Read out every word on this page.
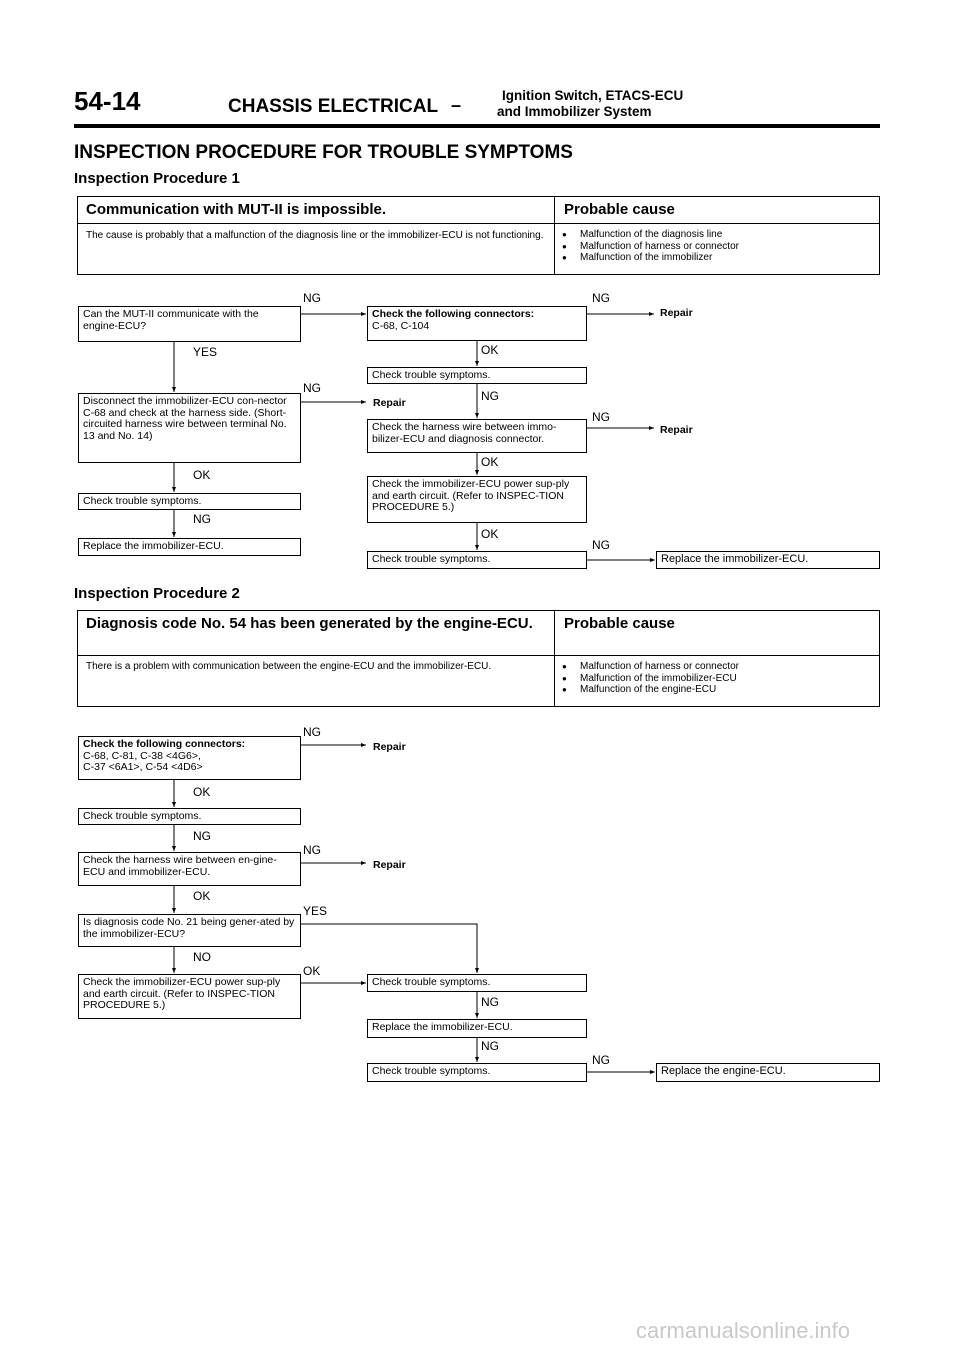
54-14	CHASSIS ELECTRICAL –	Ignition Switch, ETACS-ECU
and Immobilizer System
INSPECTION PROCEDURE FOR TROUBLE SYMPTOMS
Inspection Procedure 1
Communication with MUT-II is impossible.	Probable cause
The cause is probably that a malfunction of the diagnosis line or the immobilizer-ECU is not functioning.	● Malfunction of the diagnosis line
● Malfunction of harness or connector
● Malfunction of the immobilizer
Can the MUT-II communicate with the engine-ECU?
Disconnect the immobilizer-ECU con-nector C-68 and check at the harness side. (Short-circuited harness wire between terminal No. 13 and No. 14)
Check trouble symptoms.
Replace the immobilizer-ECU.
Check the following connectors:
C-68, C-104
Check trouble symptoms.
Check the harness wire between immo-bilizer-ECU and diagnosis connector.
Check the immobilizer-ECU power sup-ply and earth circuit. (Refer to INSPEC-TION PROCEDURE 5.)
Check trouble symptoms.	Replace the immobilizer-ECU.
NG	NG
Repair
YES	OK
NG
Repair	NG
NG
Repair
OK
OK
NG
OK
NG
Inspection Procedure 2
Diagnosis code No. 54 has been generated by the engine-ECU.	Probable cause
There is a problem with communication between the engine-ECU and the immobilizer-ECU.	● Malfunction of harness or connector
● Malfunction of the immobilizer-ECU
● Malfunction of the engine-ECU
Check the following connectors:
C-68, C-81, C-38 <4G6>,
C-37 <6A1>, C-54 <4D6>
Check trouble symptoms.
Check the harness wire between en-gine-ECU and immobilizer-ECU.
Is diagnosis code No. 21 being gener-ated by the immobilizer-ECU?
Check the immobilizer-ECU power sup-ply and earth circuit. (Refer to INSPEC-TION PROCEDURE 5.)
Check trouble symptoms.
Replace the immobilizer-ECU.
Check trouble symptoms.	Replace the engine-ECU.
NG
Repair
OK
NG
NG
Repair
OK
YES
NO
OK
NG
NG
NG
carmanualsonline.info
